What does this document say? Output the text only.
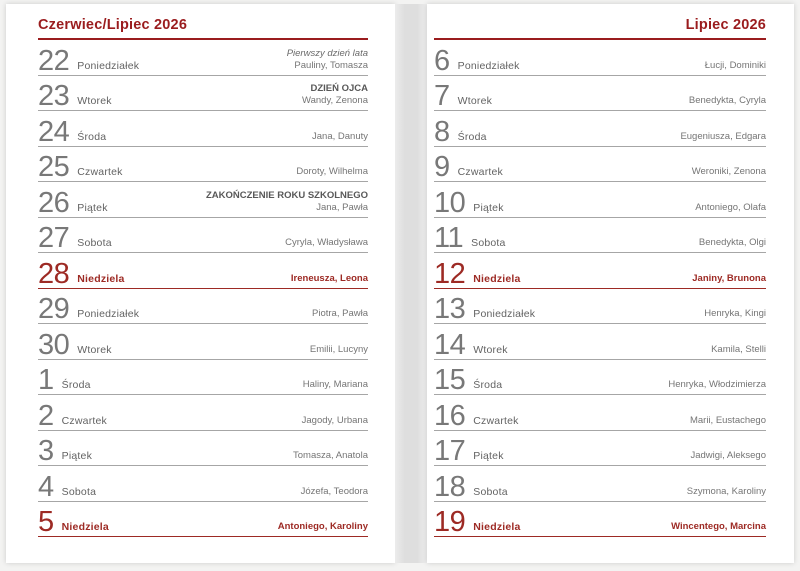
Czerwiec/Lipiec 2026
22 Poniedziałek
Pierwszy dzień lata
Pauliny, Tomasza
23 Wtorek
DZIEŃ OJCA
Wandy, Zenona
24 Środa	Jana, Danuty
25 Czwartek	Doroty, Wilhelma
26 Piątek
ZAKOŃCZENIE ROKU SZKOLNEGO
Jana, Pawła
27 Sobota	Cyryla, Władysława
28 Niedziela	Ireneusza, Leona
29 Poniedziałek	Piotra, Pawła
30 Wtorek	Emilii, Lucyny
1 Środa	Haliny, Mariana
2 Czwartek	Jagody, Urbana
3 Piątek	Tomasza, Anatola
4 Sobota	Józefa, Teodora
5 Niedziela	Antoniego, Karoliny
Lipiec 2026
6 Poniedziałek	Łucji, Dominiki
7 Wtorek	Benedykta, Cyryla
8 Środa	Eugeniusza, Edgara
9 Czwartek	Weroniki, Zenona
10 Piątek	Antoniego, Olafa
11 Sobota	Benedykta, Olgi
12 Niedziela	Janiny, Brunona
13 Poniedziałek	Henryka, Kingi
14 Wtorek	Kamila, Stelli
15 Środa	Henryka, Włodzimierza
16 Czwartek	Marii, Eustachego
17 Piątek	Jadwigi, Aleksego
18 Sobota	Szymona, Karoliny
19 Niedziela	Wincentego, Marcina
